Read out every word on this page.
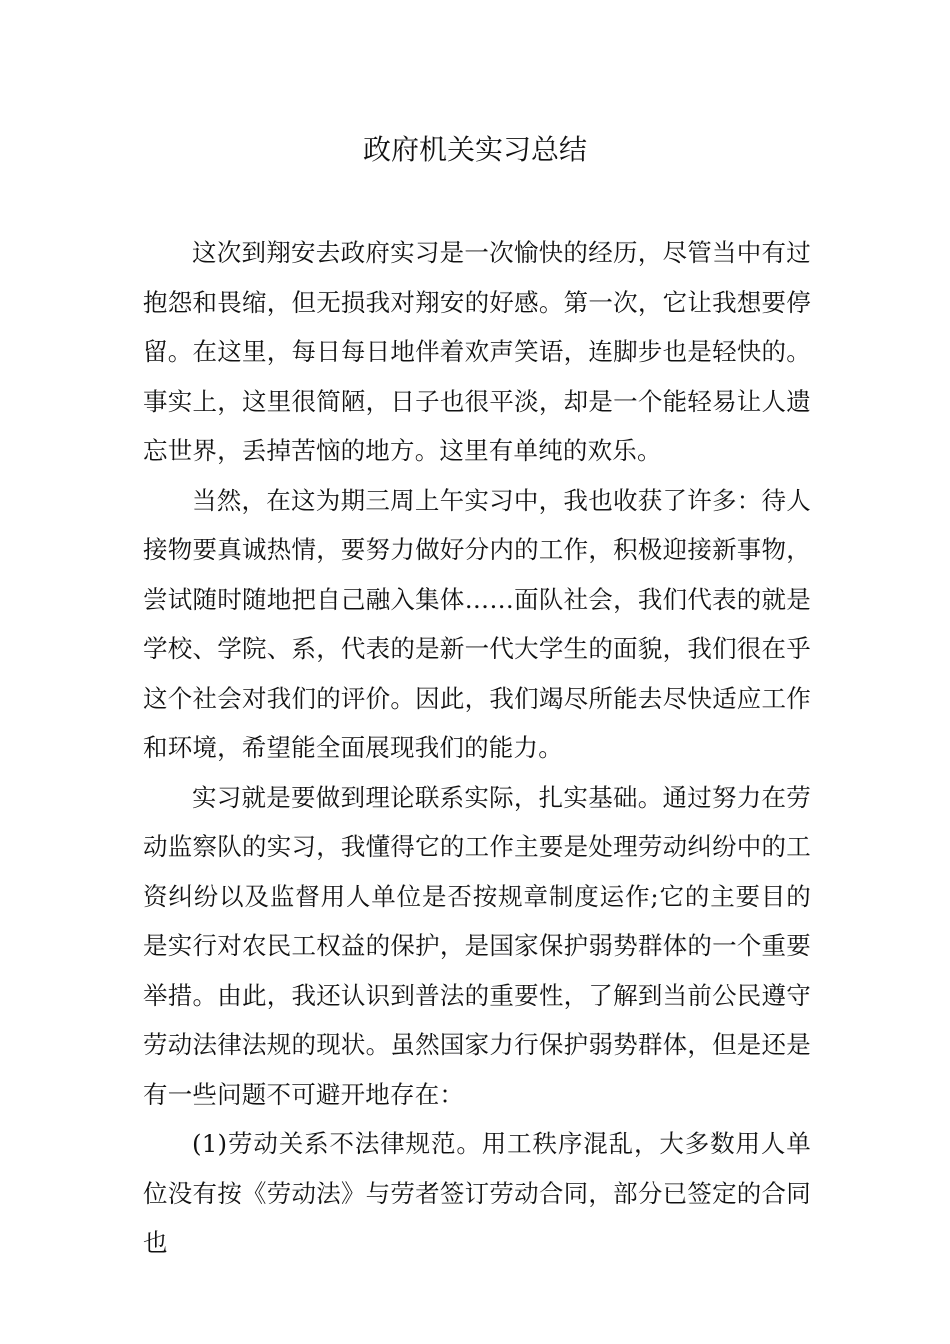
政府机关实习总结

这次到翔安去政府实习是一次愉快的经历，尽管当中有过抱怨和畏缩，但无损我对翔安的好感。第一次，它让我想要停留。在这里，每日每日地伴着欢声笑语，连脚步也是轻快的。事实上，这里很简陋，日子也很平淡，却是一个能轻易让人遗忘世界，丢掉苦恼的地方。这里有单纯的欢乐。

当然，在这为期三周上午实习中，我也收获了许多：待人接物要真诚热情，要努力做好分内的工作，积极迎接新事物，尝试随时随地把自己融入集体……面队社会，我们代表的就是学校、学院、系，代表的是新一代大学生的面貌，我们很在乎这个社会对我们的评价。因此，我们竭尽所能去尽快适应工作和环境，希望能全面展现我们的能力。

实习就是要做到理论联系实际，扎实基础。通过努力在劳动监察队的实习，我懂得它的工作主要是处理劳动纠纷中的工资纠纷以及监督用人单位是否按规章制度运作;它的主要目的是实行对农民工权益的保护，是国家保护弱势群体的一个重要举措。由此，我还认识到普法的重要性，了解到当前公民遵守劳动法律法规的现状。虽然国家力行保护弱势群体，但是还是有一些问题不可避开地存在：

(1)劳动关系不法律规范。用工秩序混乱，大多数用人单位没有按《劳动法》与劳者签订劳动合同，部分已签定的合同也
